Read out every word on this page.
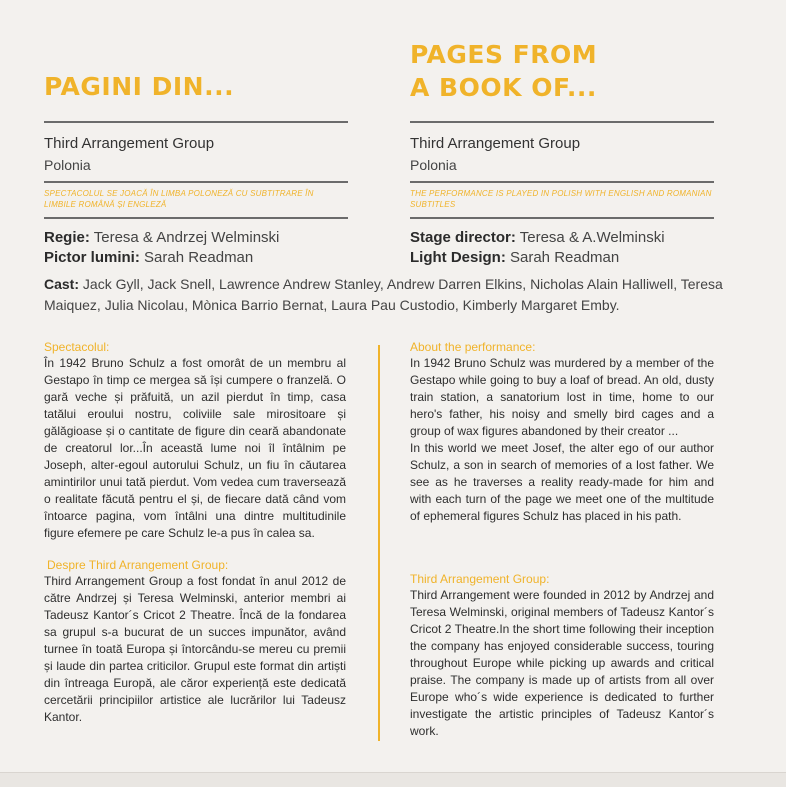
PAGINI DIN...
Third Arrangement Group
Polonia
SPECTACOLUL SE JOACĂ ÎN LIMBA POLONEZĂ CU SUBTITRARE ÎN LIMBILE ROMÂNĂ ȘI ENGLEZĂ
Regie: Teresa & Andrzej Welminski
Pictor lumini: Sarah Readman
PAGES FROM
A BOOK OF...
Third Arrangement Group
Polonia
THE PERFORMANCE IS PLAYED IN POLISH WITH ENGLISH AND ROMANIAN SUBTITLES
Stage director: Teresa & A.Welminski
Light Design: Sarah Readman
Cast: Jack Gyll, Jack Snell, Lawrence Andrew Stanley, Andrew Darren Elkins, Nicholas Alain Halliwell, Teresa Maiquez, Julia Nicolau, Mònica Barrio Bernat, Laura Pau Custodio, Kimberly Margaret Emby.
Spectacolul:

În 1942 Bruno Schulz a fost omorât de un membru al Gestapo în timp ce mergea să își cumpere o franzelă. O gară veche și prăfuită, un azil pierdut în timp, casa tatălui eroului nostru, coliviile sale mirositoare și gălăgioase și o cantitate de figure din ceară abandonate de creatorul lor...În această lume noi îl întâlnim pe Joseph, alter-egoul autorului Schulz, un fiu în căutarea amintirilor unui tată pierdut. Vom vedea cum traversează o realitate făcută pentru el și, de fiecare dată când vom întoarce pagina, vom întâlni una dintre multitudinile figure efemere pe care Schulz le-a pus în calea sa.

Despre Third Arrangement Group:

Third Arrangement Group a fost fondat în anul 2012 de către Andrzej și Teresa Welminski, anterior membri ai Tadeusz Kantor´s Cricot 2 Theatre. Încă de la fondarea sa grupul s-a bucurat de un succes impunător, având turnee în toată Europa și întorcându-se mereu cu premii și laude din partea criticilor. Grupul este format din artiști din întreaga Europă, ale căror experiență este dedicată cercetării principiilor artistice ale lucrărilor lui Tadeusz Kantor.

About the performance:

In 1942 Bruno Schulz was murdered by a member of the Gestapo while going to buy a loaf of bread. An old, dusty train station, a sanatorium lost in time, home to our hero's father, his noisy and smelly bird cages and a group of wax figures abandoned by their creator ...

In this world we meet Josef, the alter ego of our author Schulz, a son in search of memories of a lost father. We see as he traverses a reality ready-made for him and with each turn of the page we meet one of the multitude of ephemeral figures Schulz has placed in his path.

Third Arrangement Group:

Third Arrangement were founded in 2012 by Andrzej and Teresa Welminski, original members of Tadeusz Kantor´s Cricot 2 Theatre.In the short time following their inception the company has enjoyed considerable success, touring throughout Europe while picking up awards and critical praise. The company is made up of artists from all over Europe who´s wide experience is dedicated to further investigate the artistic principles of Tadeusz Kantor´s work.
